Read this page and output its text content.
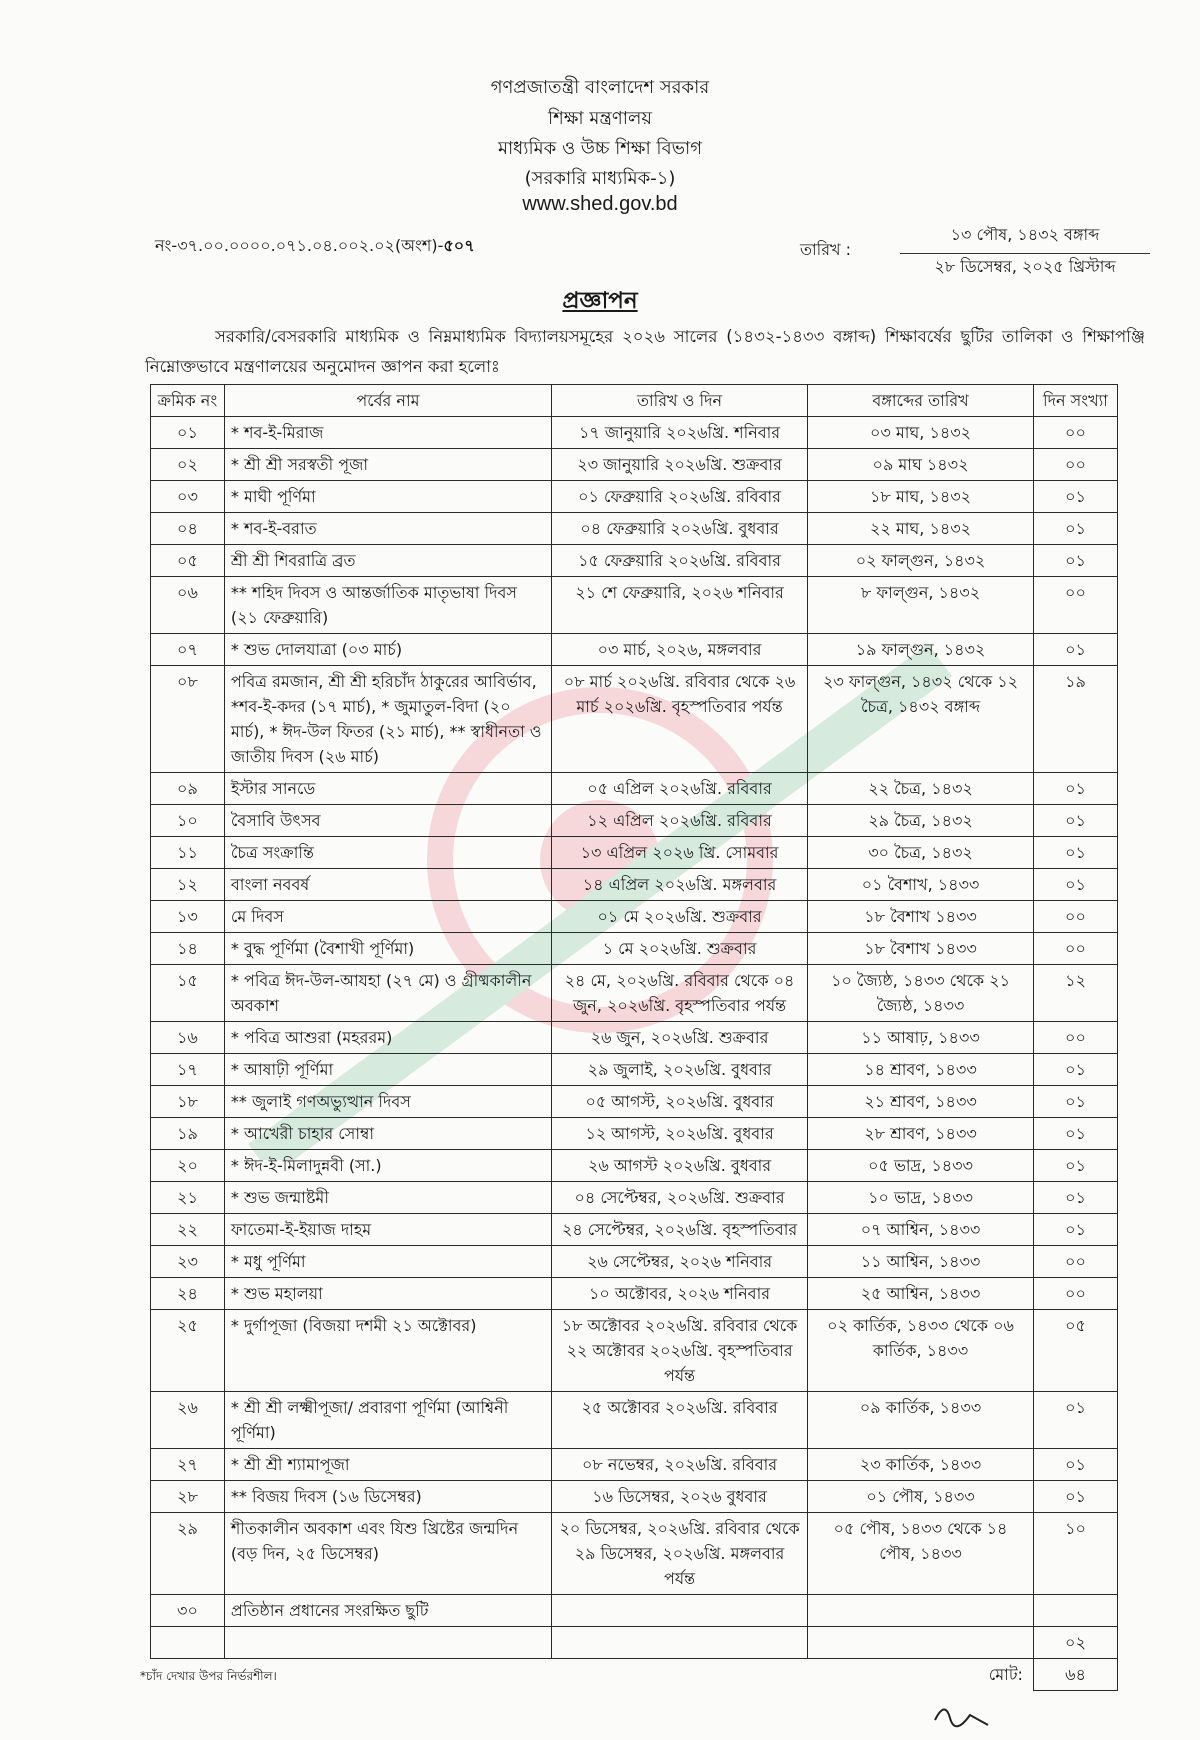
গণপ্রজাতন্ত্রী বাংলাদেশ সরকার
শিক্ষা মন্ত্রণালয়
মাধ্যমিক ও উচ্চ শিক্ষা বিভাগ
(সরকারি মাধ্যমিক-১)
www.shed.gov.bd
নং-৩৭.০০.০০০০.০৭১.০৪.০০২.০২(অংশ)-৫০৭	তারিখ :
১৩ পৌষ, ১৪৩২ বঙ্গাব্দ
২৮ ডিসেম্বর, ২০২৫ খ্রিস্টাব্দ
প্রজ্ঞাপন
সরকারি/বেসরকারি মাধ্যমিক ও নিম্নমাধ্যমিক বিদ্যালয়সমূহের ২০২৬ সালের (১৪৩২-১৪৩৩ বঙ্গাব্দ) শিক্ষাবর্ষের ছুটির তালিকা ও শিক্ষাপঞ্জি নিম্নোক্তভাবে মন্ত্রণালয়ের অনুমোদন জ্ঞাপন করা হলোঃ
ক্রমিক নং	পর্বের নাম	তারিখ ও দিন	বঙ্গাব্দের তারিখ	দিন সংখ্যা
০১	* শব-ই-মিরাজ	১৭ জানুয়ারি ২০২৬খ্রি. শনিবার	০৩ মাঘ, ১৪৩২	০০
০২	* শ্রী শ্রী সরস্বতী পূজা	২৩ জানুয়ারি ২০২৬খ্রি. শুক্রবার	০৯ মাঘ ১৪৩২	০০
০৩	* মাঘী পূর্ণিমা	০১ ফেব্রুয়ারি ২০২৬খ্রি. রবিবার	১৮ মাঘ, ১৪৩২	০১
০৪	* শব-ই-বরাত	০৪ ফেব্রুয়ারি ২০২৬খ্রি. বুধবার	২২ মাঘ, ১৪৩২	০১
০৫	শ্রী শ্রী শিবরাত্রি ব্রত	১৫ ফেব্রুয়ারি ২০২৬খ্রি. রবিবার	০২ ফাল্গুন, ১৪৩২	০১
০৬	** শহিদ দিবস ও আন্তর্জাতিক মাতৃভাষা দিবস (২১ ফেব্রুয়ারি)	২১ শে ফেব্রুয়ারি, ২০২৬ শনিবার	৮ ফাল্গুন, ১৪৩২	০০
০৭	* শুভ দোলযাত্রা (০৩ মার্চ)	০৩ মার্চ, ২০২৬, মঙ্গলবার	১৯ ফাল্গুন, ১৪৩২	০১
০৮	পবিত্র রমজান, শ্রী শ্রী হরিচাঁদ ঠাকুরের আবির্ভাব, *শব-ই-কদর (১৭ মার্চ), * জুমাতুল-বিদা (২০ মার্চ), * ঈদ-উল ফিতর (২১ মার্চ), ** স্বাধীনতা ও জাতীয় দিবস (২৬ মার্চ)	০৮ মার্চ ২০২৬খ্রি. রবিবার থেকে ২৬ মার্চ ২০২৬খ্রি. বৃহস্পতিবার পর্যন্ত	২৩ ফাল্গুন, ১৪৩২ থেকে ১২ চৈত্র, ১৪৩২ বঙ্গাব্দ	১৯
০৯	ইস্টার সানডে	০৫ এপ্রিল ২০২৬খ্রি. রবিবার	২২ চৈত্র, ১৪৩২	০১
১০	বৈসাবি উৎসব	১২ এপ্রিল ২০২৬খ্রি. রবিবার	২৯ চৈত্র, ১৪৩২	০১
১১	চৈত্র সংক্রান্তি	১৩ এপ্রিল ২০২৬ খ্রি. সোমবার	৩০ চৈত্র, ১৪৩২	০১
১২	বাংলা নববর্ষ	১৪ এপ্রিল ২০২৬খ্রি. মঙ্গলবার	০১ বৈশাখ, ১৪৩৩	০১
১৩	মে দিবস	০১ মে ২০২৬খ্রি. শুক্রবার	১৮ বৈশাখ ১৪৩৩	০০
১৪	* বুদ্ধ পূর্ণিমা (বৈশাখী পূর্ণিমা)	১ মে ২০২৬খ্রি. শুক্রবার	১৮ বৈশাখ ১৪৩৩	০০
১৫	* পবিত্র ঈদ-উল-আযহা (২৭ মে) ও গ্রীষ্মকালীন অবকাশ	২৪ মে, ২০২৬খ্রি. রবিবার থেকে ০৪ জুন, ২০২৬খ্রি. বৃহস্পতিবার পর্যন্ত	১০ জ্যৈষ্ঠ, ১৪৩৩ থেকে ২১ জ্যৈষ্ঠ, ১৪৩৩	১২
১৬	* পবিত্র আশুরা (মহররম)	২৬ জুন, ২০২৬খ্রি. শুক্রবার	১১ আষাঢ়, ১৪৩৩	০০
১৭	* আষাঢ়ী পূর্ণিমা	২৯ জুলাই, ২০২৬খ্রি. বুধবার	১৪ শ্রাবণ, ১৪৩৩	০১
১৮	** জুলাই গণঅভ্যুত্থান দিবস	০৫ আগস্ট, ২০২৬খ্রি. বুধবার	২১ শ্রাবণ, ১৪৩৩	০১
১৯	* আখেরী চাহার সোম্বা	১২ আগস্ট, ২০২৬খ্রি. বুধবার	২৮ শ্রাবণ, ১৪৩৩	০১
২০	* ঈদ-ই-মিলাদুন্নবী (সা.)	২৬ আগস্ট ২০২৬খ্রি. বুধবার	০৫ ভাদ্র, ১৪৩৩	০১
২১	* শুভ জন্মাষ্টমী	০৪ সেপ্টেম্বর, ২০২৬খ্রি. শুক্রবার	১০ ভাদ্র, ১৪৩৩	০১
২২	ফাতেমা-ই-ইয়াজ দাহম	২৪ সেপ্টেম্বর, ২০২৬খ্রি. বৃহস্পতিবার	০৭ আশ্বিন, ১৪৩৩	০১
২৩	* মধু পূর্ণিমা	২৬ সেপ্টেম্বর, ২০২৬ শনিবার	১১ আশ্বিন, ১৪৩৩	০০
২৪	* শুভ মহালয়া	১০ অক্টোবর, ২০২৬ শনিবার	২৫ আশ্বিন, ১৪৩৩	০০
২৫	* দুর্গাপূজা (বিজয়া দশমী ২১ অক্টোবর)	১৮ অক্টোবর ২০২৬খ্রি. রবিবার থেকে ২২ অক্টোবর ২০২৬খ্রি. বৃহস্পতিবার পর্যন্ত	০২ কার্তিক, ১৪৩৩ থেকে ০৬ কার্তিক, ১৪৩৩	০৫
২৬	* শ্রী শ্রী লক্ষ্মীপূজা/ প্রবারণা পূর্ণিমা (আশ্বিনী পূর্ণিমা)	২৫ অক্টোবর ২০২৬খ্রি. রবিবার	০৯ কার্তিক, ১৪৩৩	০১
২৭	* শ্রী শ্রী শ্যামাপূজা	০৮ নভেম্বর, ২০২৬খ্রি. রবিবার	২৩ কার্তিক, ১৪৩৩	০১
২৮	** বিজয় দিবস (১৬ ডিসেম্বর)	১৬ ডিসেম্বর, ২০২৬ বুধবার	০১ পৌষ, ১৪৩৩	০১
২৯	শীতকালীন অবকাশ এবং যিশু খ্রিষ্টের জন্মদিন (বড় দিন, ২৫ ডিসেম্বর)	২০ ডিসেম্বর, ২০২৬খ্রি. রবিবার থেকে ২৯ ডিসেম্বর, ২০২৬খ্রি. মঙ্গলবার পর্যন্ত	০৫ পৌষ, ১৪৩৩ থেকে ১৪ পৌষ, ১৪৩৩	১০
৩০	প্রতিষ্ঠান প্রধানের সংরক্ষিত ছুটি			
				০২
মোট:				৬৪
*চাঁদ দেখার উপর নির্ভরশীল।
